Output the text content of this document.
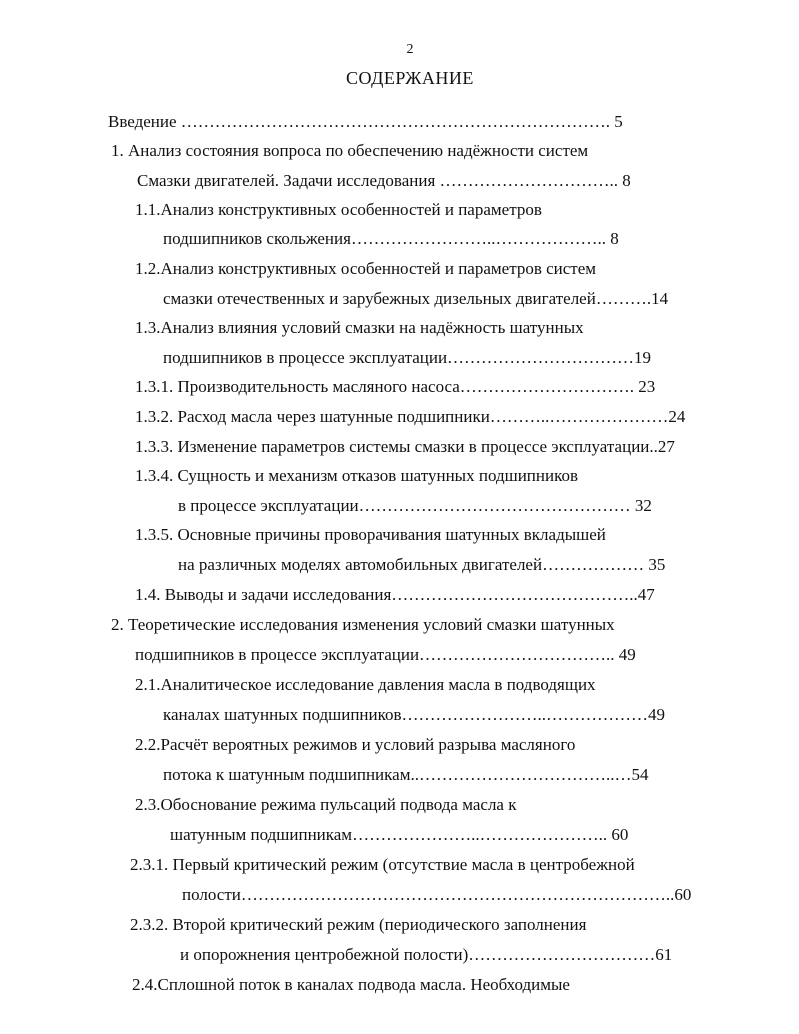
2
СОДЕРЖАНИЕ
Введение …………………………………………………………………. 5
1. Анализ состояния вопроса по обеспечению надёжности систем
Смазки двигателей. Задачи исследования ………………………….. 8
1.1.Анализ конструктивных особенностей и параметров
подшипников скольжения……………………..……………….. 8
1.2.Анализ конструктивных особенностей и параметров систем
смазки отечественных и зарубежных дизельных двигателей……….14
1.3.Анализ влияния условий смазки на надёжность шатунных
подшипников в процессе эксплуатации……………………………19
1.3.1. Производительность масляного насоса…………………………. 23
1.3.2. Расход масла через шатунные подшипники………..…………………24
1.3.3. Изменение параметров системы смазки в процессе эксплуатации..27
1.3.4. Сущность и механизм отказов шатунных подшипников
в процессе эксплуатации………………………………………… 32
1.3.5. Основные причины проворачивания шатунных вкладышей
на различных моделях автомобильных двигателей……………… 35
1.4. Выводы и задачи исследования……………………………………..47
2. Теоретические исследования изменения условий смазки шатунных
подшипников в процессе эксплуатации…………………………….. 49
2.1.Аналитическое исследование давления масла в подводящих
каналах шатунных подшипников……………………..………………49
2.2.Расчёт вероятных режимов и условий разрыва масляного
потока к шатунным подшипникам..……………………………..…54
2.3.Обоснование режима пульсаций подвода масла к
шатунным подшипникам…………………..………………….. 60
2.3.1. Первый критический режим (отсутствие масла в центробежной
полости…………………………………………………………………..60
2.3.2. Второй критический режим (периодического заполнения
и опорожнения центробежной полости)……………………………61
2.4.Сплошной поток в каналах подвода масла. Необходимые
